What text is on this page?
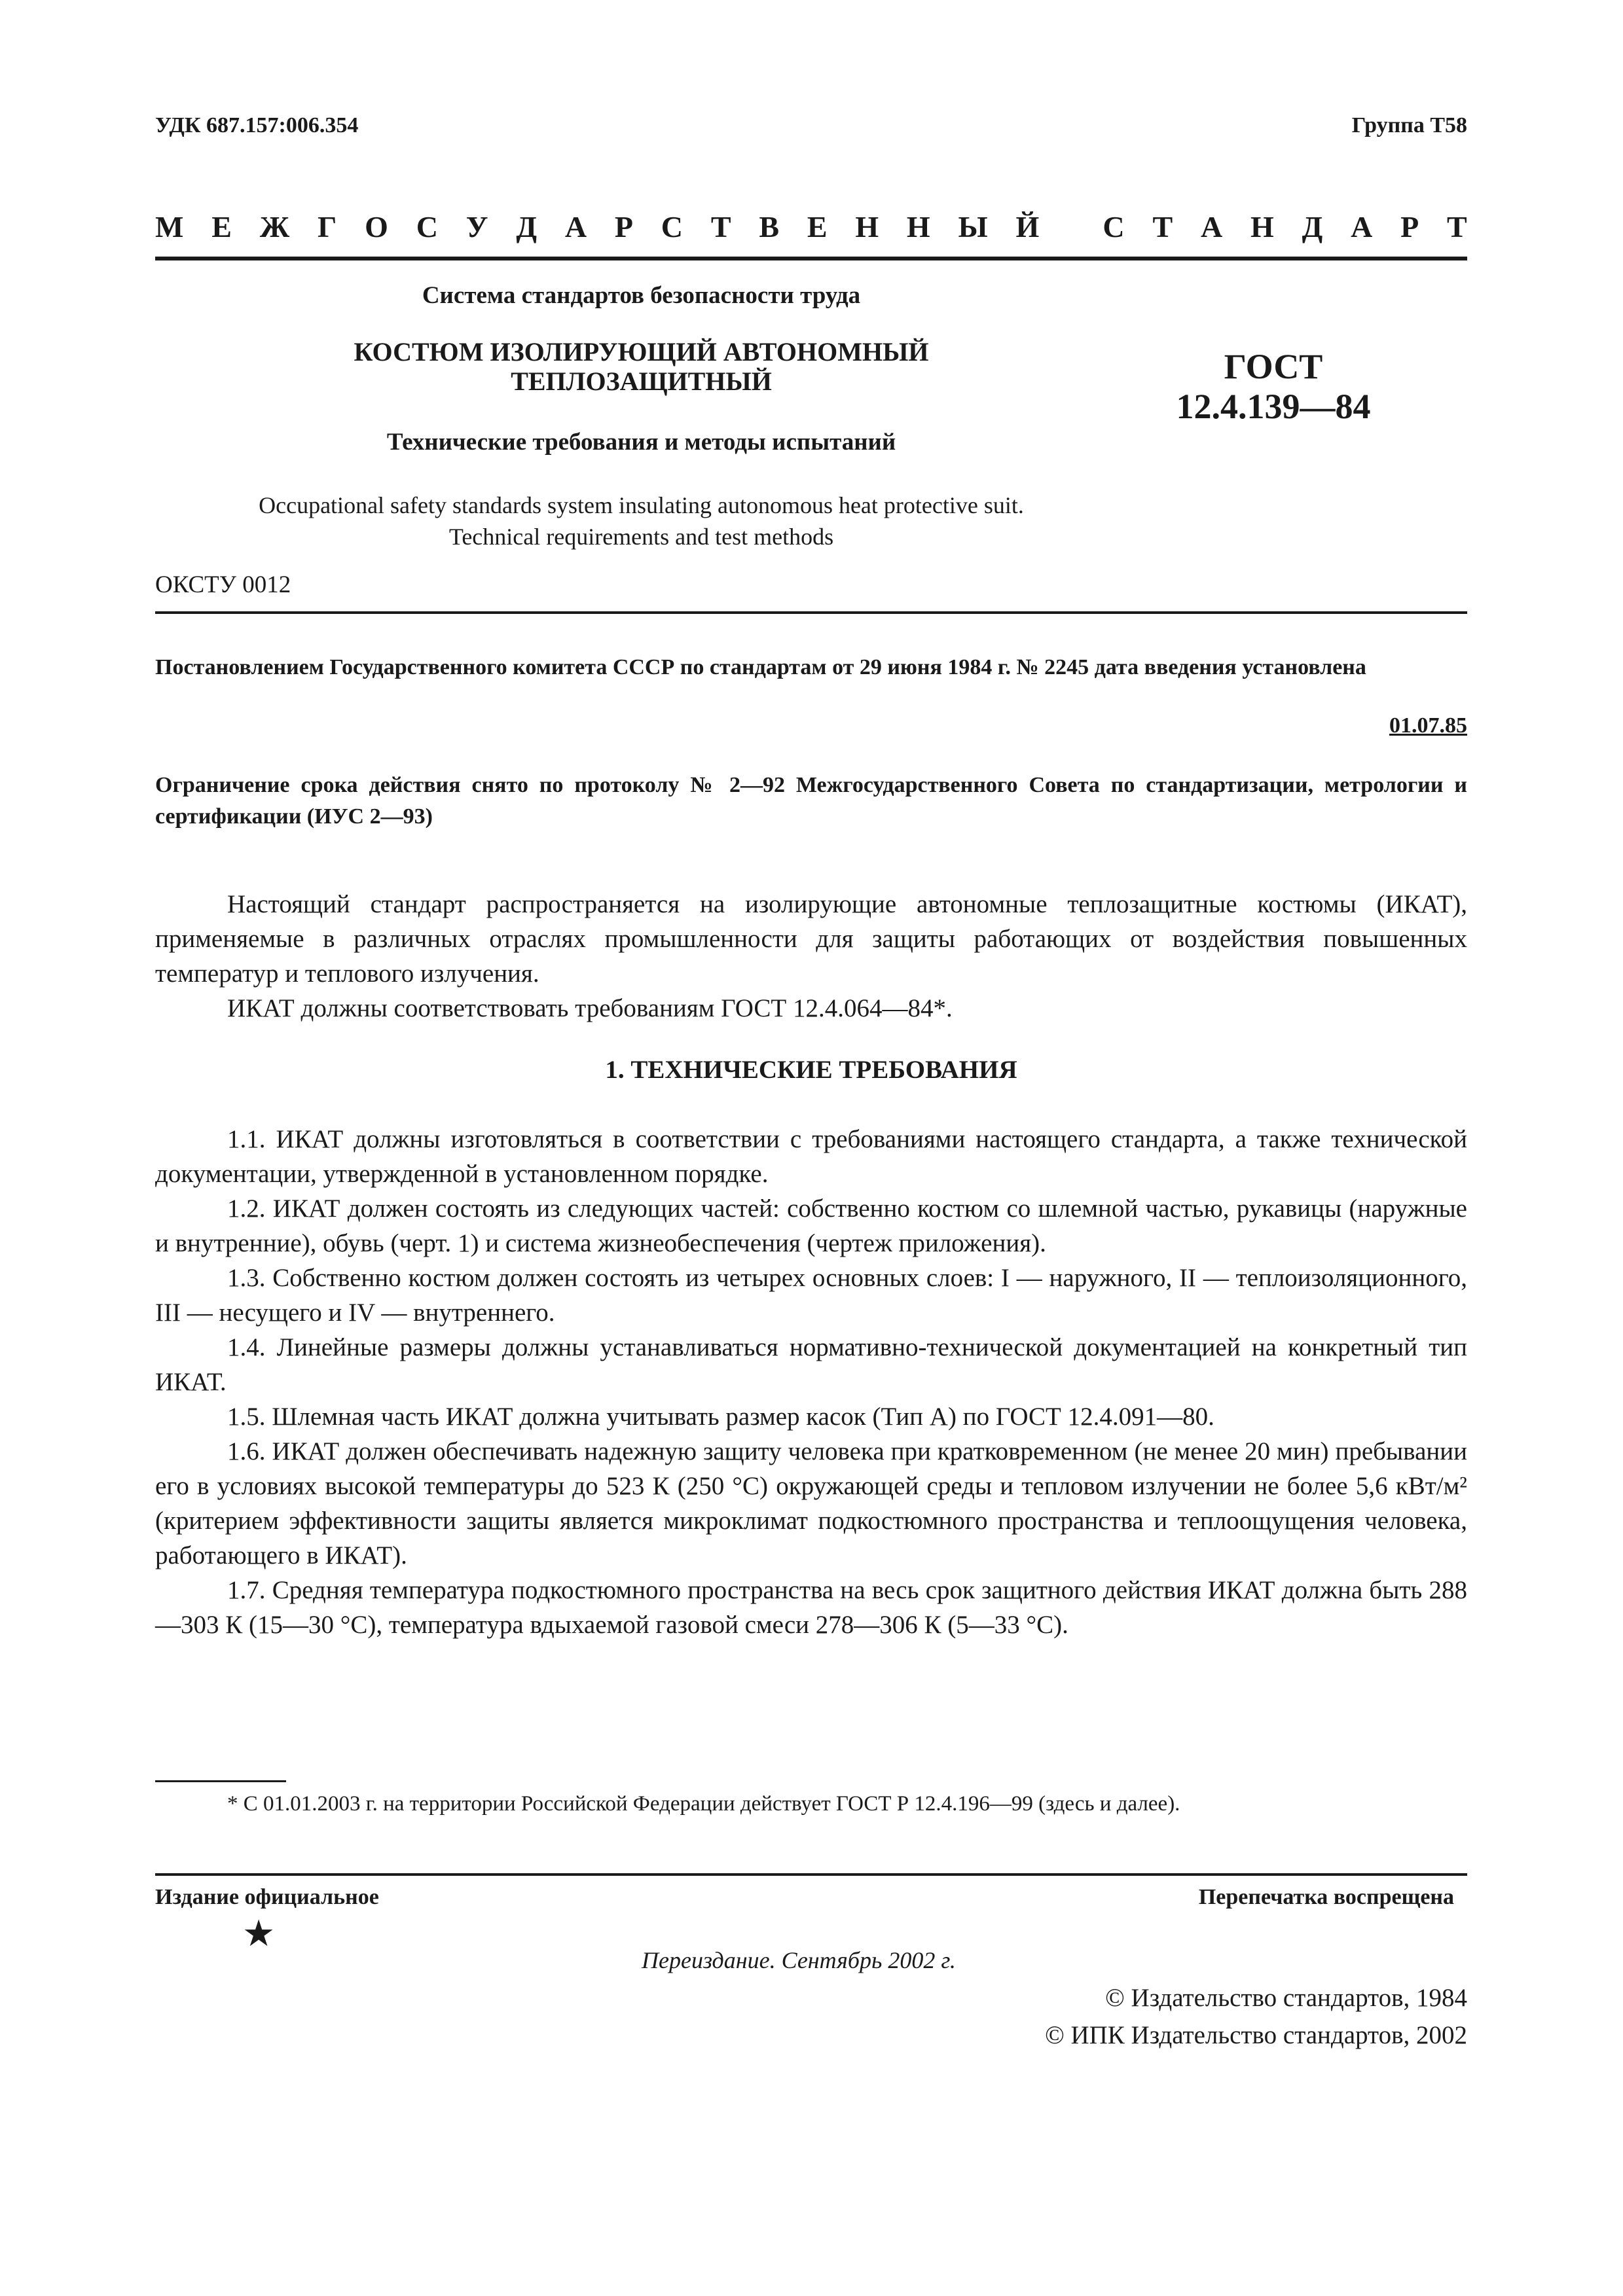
УДК 687.157:006.354	Группа Т58
М Е Ж Г О С У Д А Р С Т В Е Н Н Ы Й
С Т А Н Д А Р Т
Система стандартов безопасности труда
КОСТЮМ ИЗОЛИРУЮЩИЙ АВТОНОМНЫЙ
ТЕПЛОЗАЩИТНЫЙ	ГОСТ
12.4.139—84
Технические требования и методы испытаний
Occupational safety standards system insulating autonomous heat protective suit.
Technical requirements and test methods
ОКСТУ 0012
Постановлением Государственного комитета СССР по стандартам от 29 июня 1984 г. № 2245 дата введения установлена
01.07.85
Ограничение срока действия снято по протоколу № 2—92 Межгосударственного Совета по стандартизации, метрологии и сертификации (ИУС 2—93)

Настоящий стандарт распространяется на изолирующие автономные теплозащитные костюмы (ИКАТ), применяемые в различных отраслях промышленности для защиты работающих от воздействия повышенных температур и теплового излучения.

ИКАТ должны соответствовать требованиям ГОСТ 12.4.064—84*.

1. ТЕХНИЧЕСКИЕ ТРЕБОВАНИЯ

1.1. ИКАТ должны изготовляться в соответствии с требованиями настоящего стандарта, а также технической документации, утвержденной в установленном порядке.

1.2. ИКАТ должен состоять из следующих частей: собственно костюм со шлемной частью, рукавицы (наружные и внутренние), обувь (черт. 1) и система жизнеобеспечения (чертеж приложения).

1.3. Собственно костюм должен состоять из четырех основных слоев: I — наружного, II — теплоизоляционного, III — несущего и IV — внутреннего.

1.4. Линейные размеры должны устанавливаться нормативно-технической документацией на конкретный тип ИКАТ.

1.5. Шлемная часть ИКАТ должна учитывать размер касок (Тип А) по ГОСТ 12.4.091—80.

1.6. ИКАТ должен обеспечивать надежную защиту человека при кратковременном (не менее 20 мин) пребывании его в условиях высокой температуры до 523 К (250 °С) окружающей среды и тепловом излучении не более 5,6 кВт/м² (критерием эффективности защиты является микроклимат подкостюмного пространства и теплоощущения человека, работающего в ИКАТ).

1.7. Средняя температура подкостюмного пространства на весь срок защитного действия ИКАТ должна быть 288—303 К (15—30 °С), температура вдыхаемой газовой смеси 278—306 К (5—33 °С).

* С 01.01.2003 г. на территории Российской Федерации действует ГОСТ Р 12.4.196—99 (здесь и далее).
Издание официальное	Перепечатка воспрещена
★
Переиздание. Сентябрь 2002 г.
© Издательство стандартов, 1984
© ИПК Издательство стандартов, 2002
